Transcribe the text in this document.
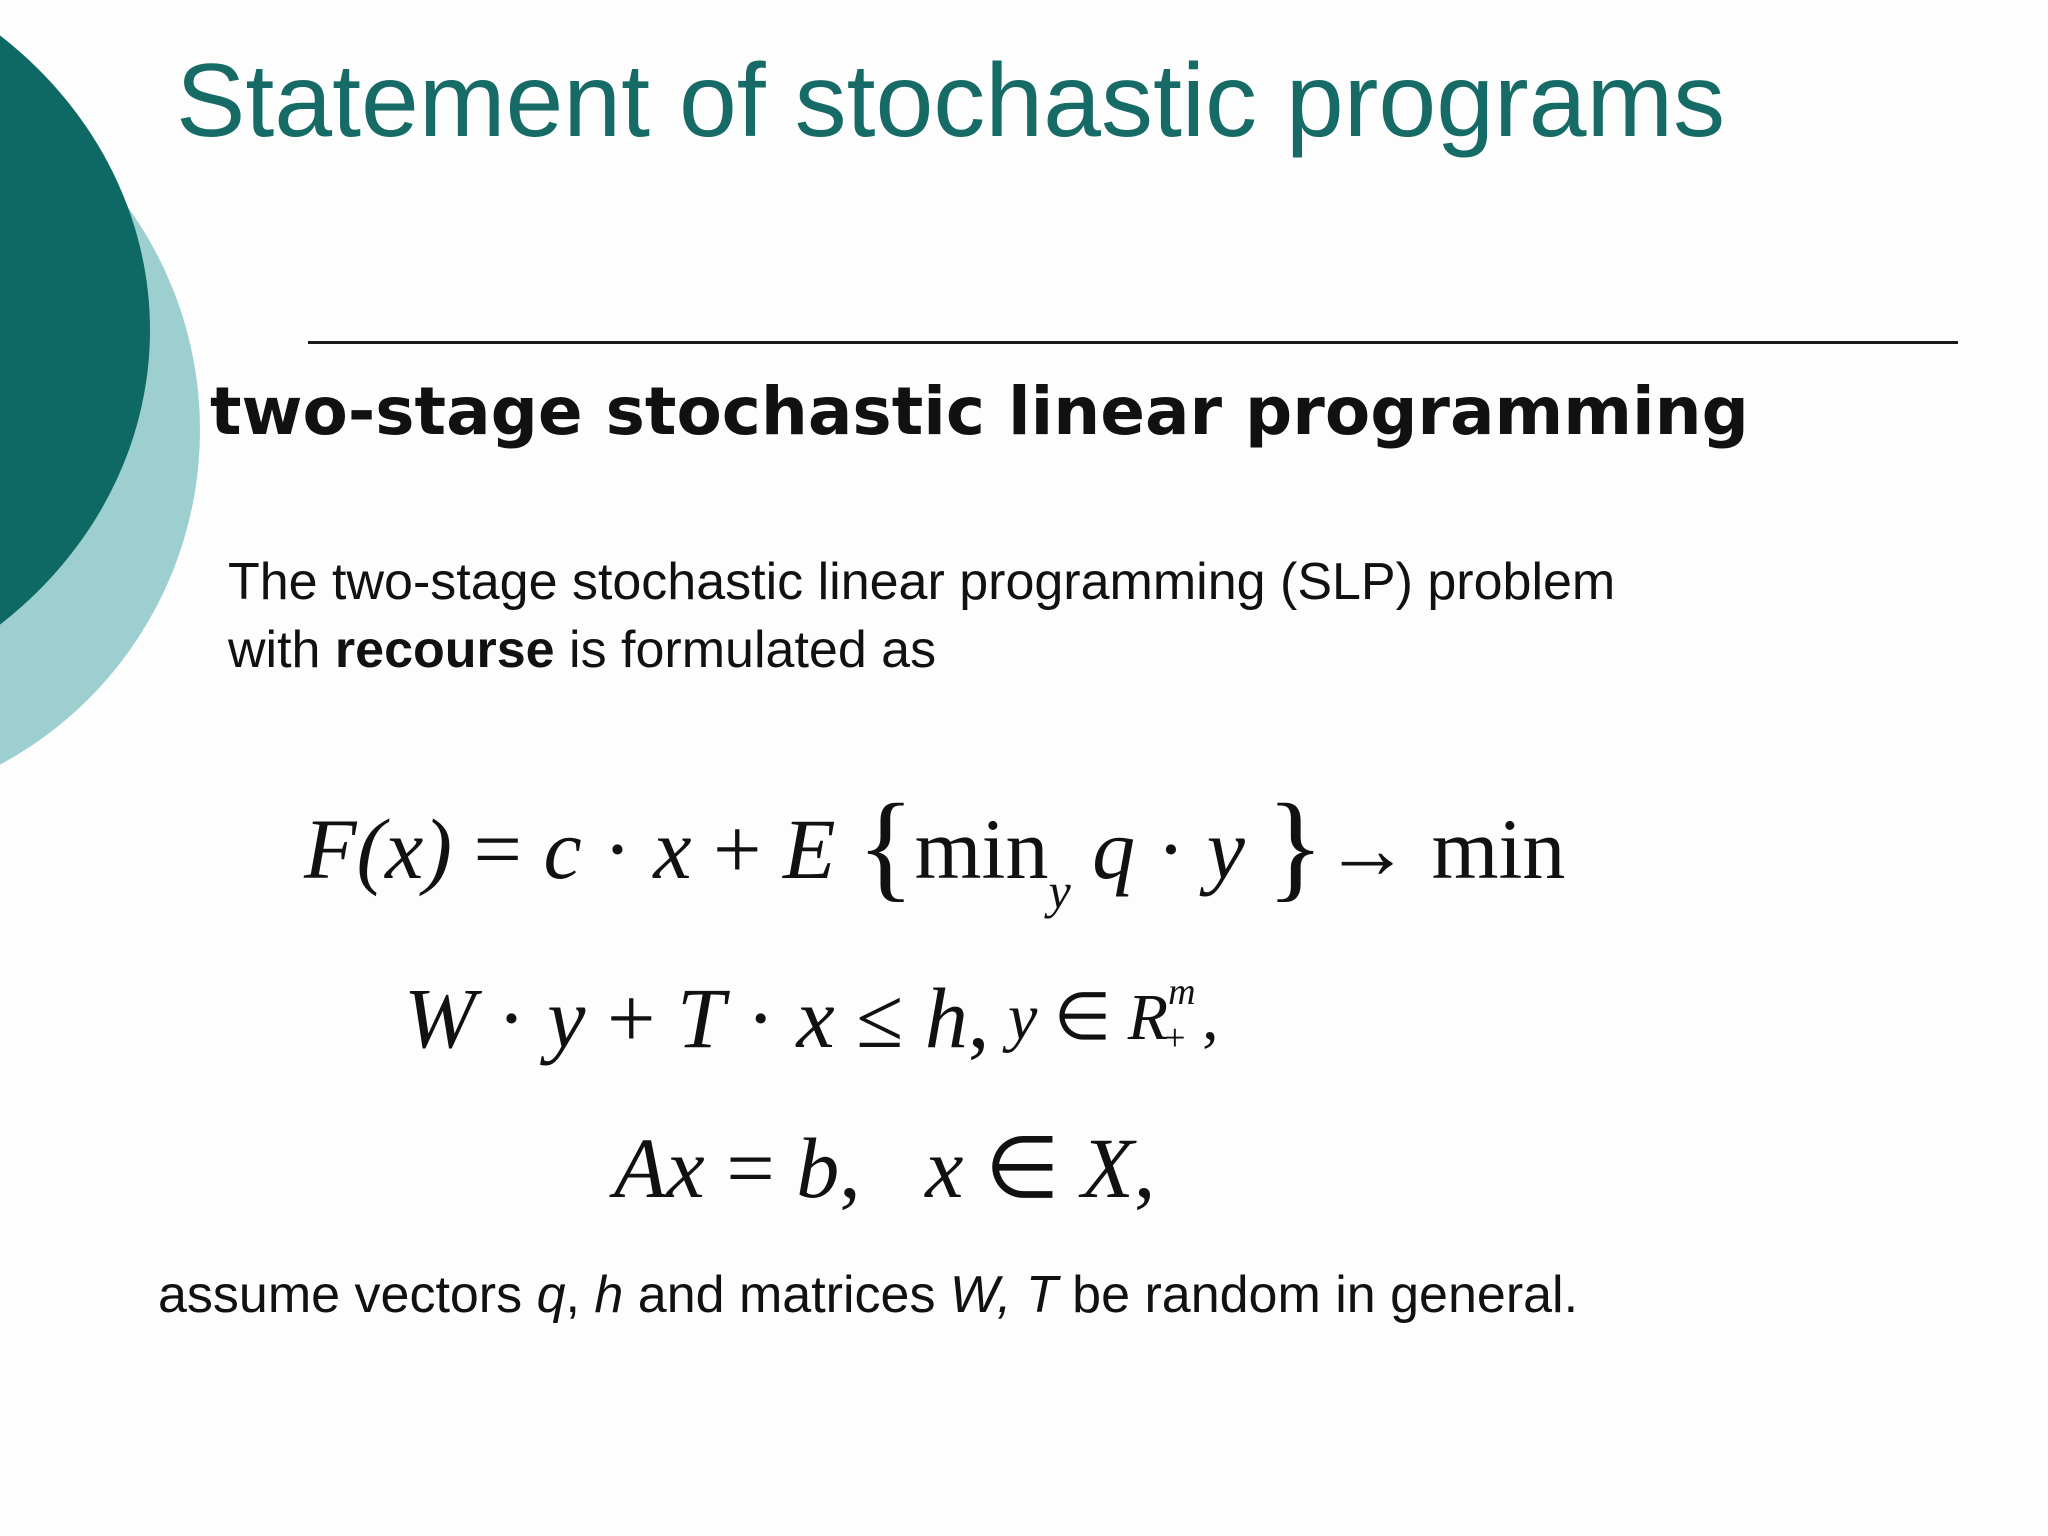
Statement of stochastic programs
two-stage stochastic linear programming
The two-stage stochastic linear programming (SLP) problem
with recourse is formulated as
F(x) = c · x + E {$\min_y$ q · y }→ min
W · y + T · x ≤ h, y ∈ R m
+ ,
Ax = b, x ∈ X,
assume vectors q, h and matrices W, T be random in general.
